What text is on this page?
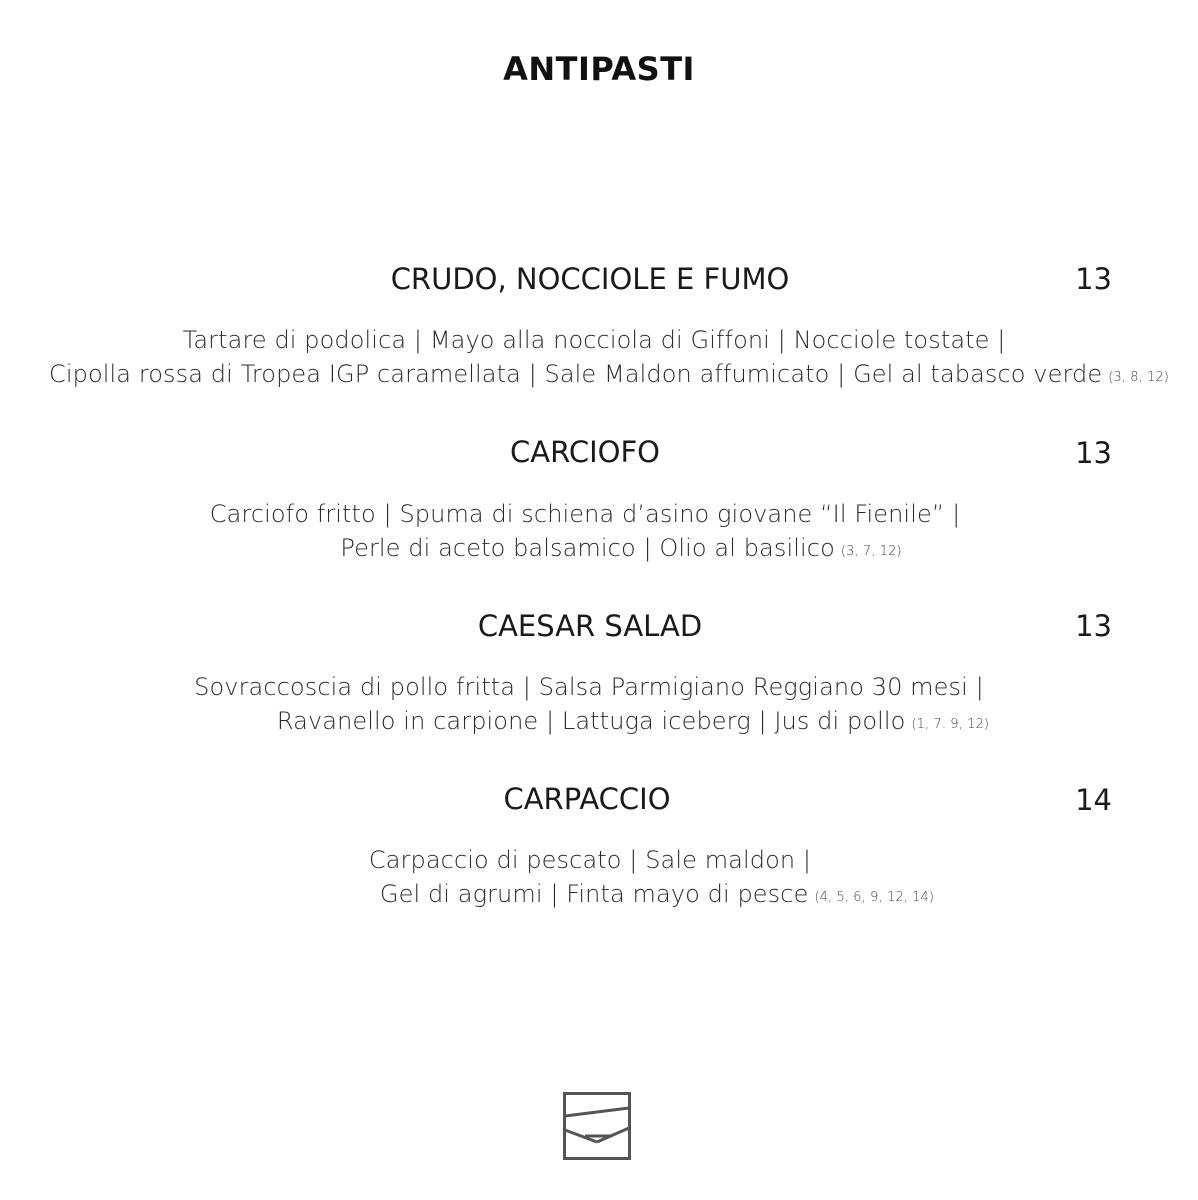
ANTIPASTI
CRUDO, NOCCIOLE E FUMO	13
Tartare di podolica | Mayo alla nocciola di Giffoni | Nocciole tostate |
Cipolla rossa di Tropea IGP caramellata | Sale Maldon affumicato | Gel al tabasco verde (3, 8, 12)
CARCIOFO	13
Carciofo fritto | Spuma di schiena d’asino giovane “Il Fienile” |
Perle di aceto balsamico | Olio al basilico (3, 7, 12)
CAESAR SALAD	13
Sovraccoscia di pollo fritta | Salsa Parmigiano Reggiano 30 mesi |
Ravanello in carpione | Lattuga iceberg | Jus di pollo (1, 7. 9, 12)
CARPACCIO	14
Carpaccio di pescato | Sale maldon |
Gel di agrumi | Finta mayo di pesce (4, 5, 6, 9, 12, 14)
